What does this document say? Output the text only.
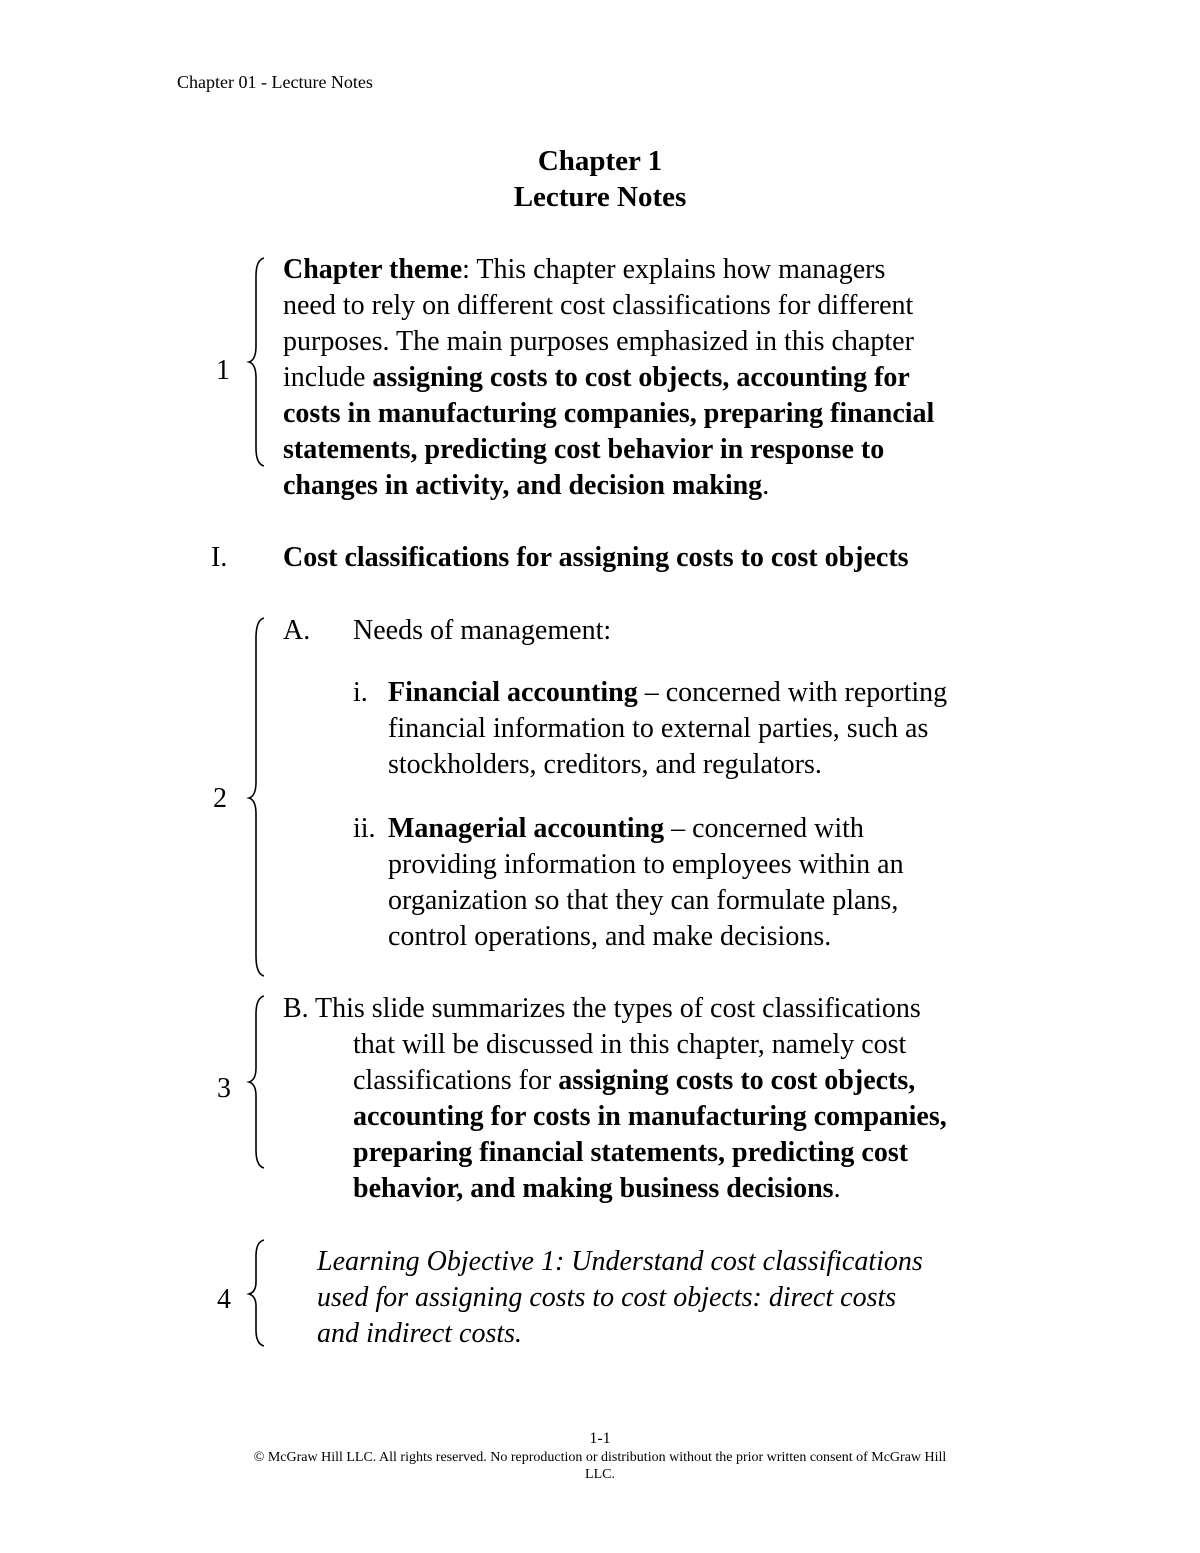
Chapter 01 - Lecture Notes
Chapter 1
Lecture Notes
1
Chapter theme: This chapter explains how managers
need to rely on different cost classifications for different
purposes. The main purposes emphasized in this chapter
include assigning costs to cost objects, accounting for
costs in manufacturing companies, preparing financial
statements, predicting cost behavior in response to
changes in activity, and decision making.
I. Cost classifications for assigning costs to cost objects
2
A. Needs of management:
i. Financial accounting – concerned with reporting
financial information to external parties, such as
stockholders, creditors, and regulators.
ii. Managerial accounting – concerned with
providing information to employees within an
organization so that they can formulate plans,
control operations, and make decisions.
3
B. This slide summarizes the types of cost classifications
that will be discussed in this chapter, namely cost
classifications for assigning costs to cost objects,
accounting for costs in manufacturing companies,
preparing financial statements, predicting cost
behavior, and making business decisions.
4
Learning Objective 1: Understand cost classifications
used for assigning costs to cost objects: direct costs
and indirect costs.
1-1
© McGraw Hill LLC. All rights reserved. No reproduction or distribution without the prior written consent of McGraw Hill
LLC.
